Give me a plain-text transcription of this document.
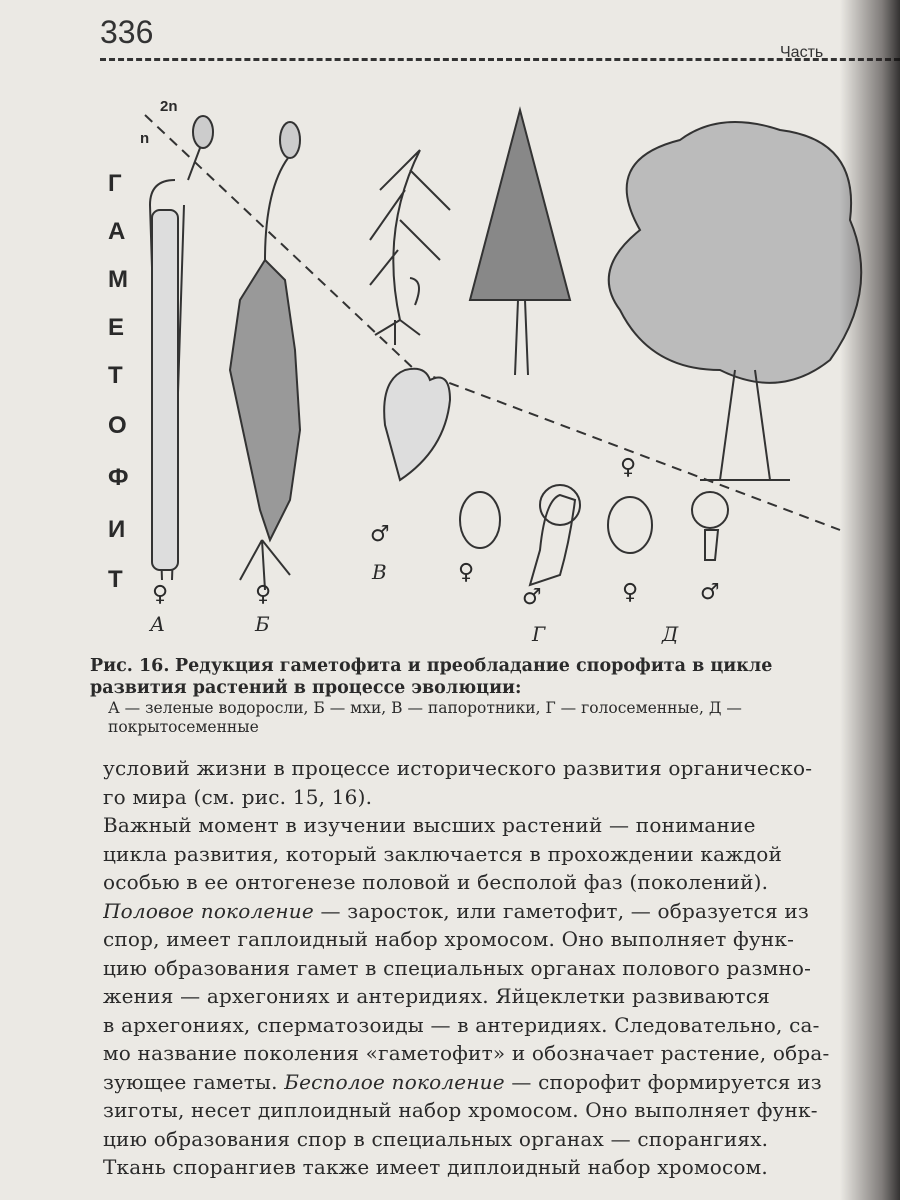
336
Часть
2n
n
Г
А
М
Е
Т
О
Ф
И
Т
♀	♀
♂
♀
♂
♀
♀	♂
А	Б
В
Г	Д
Рис. 16. Редукция гаметофита и преобладание спорофита в цикле
развития растений в процессе эволюции:
А — зеленые водоросли, Б — мхи, В — папоротники, Г — голосеменные, Д —
покрытосеменные
условий жизни в процессе исторического развития органическо-
го мира (см. рис. 15, 16).
Важный момент в изучении высших растений — понимание
цикла развития, который заключается в прохождении каждой
особью в ее онтогенезе половой и бесполой фаз (поколений).
Половое поколение — заросток, или гаметофит, — образуется из
спор, имеет гаплоидный набор хромосом. Оно выполняет функ-
цию образования гамет в специальных органах полового размно-
жения — архегониях и антеридиях. Яйцеклетки развиваются
в архегониях, сперматозоиды — в антеридиях. Следовательно, са-
мо название поколения «гаметофит» и обозначает растение, обра-
зующее гаметы. Бесполое поколение — спорофит формируется из
зиготы, несет диплоидный набор хромосом. Оно выполняет функ-
цию образования спор в специальных органах — спорангиях.
Ткань спорангиев также имеет диплоидный набор хромосом.
